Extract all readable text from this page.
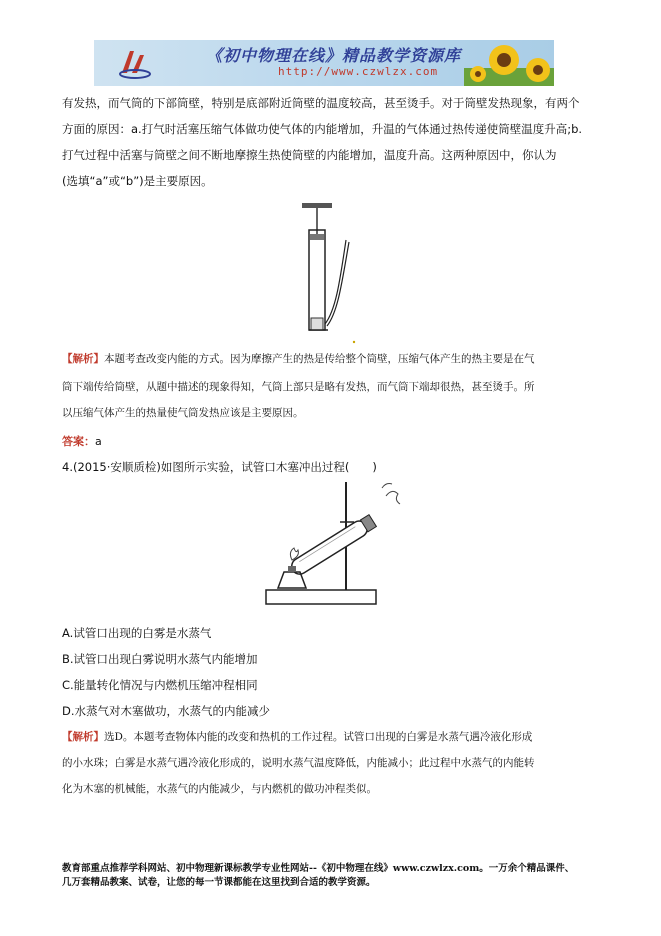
《初中物理在线》精品教学资源库
http://www.czwlzx.com
有发热，而气筒的下部筒壁，特别是底部附近筒壁的温度较高，甚至烫手。对于筒壁发热现象，有两个
方面的原因：a.打气时活塞压缩气体做功使气体的内能增加，升温的气体通过热传递使筒壁温度升高;b.
打气过程中活塞与筒壁之间不断地摩擦生热使筒壁的内能增加，温度升高。这两种原因中，你认为
(选填“a”或“b”)是主要原因。
【解析】本题考查改变内能的方式。因为摩擦产生的热是传给整个筒壁，压缩气体产生的热主要是在气
筒下端传给筒壁，从题中描述的现象得知，气筒上部只是略有发热，而气筒下端却很热，甚至烫手。所
以压缩气体产生的热量使气筒发热应该是主要原因。
答案：a
4.(2015·安顺质检)如图所示实验，试管口木塞冲出过程(　　)
A.试管口出现的白雾是水蒸气
B.试管口出现白雾说明水蒸气内能增加
C.能量转化情况与内燃机压缩冲程相同
D.水蒸气对木塞做功，水蒸气的内能减少
【解析】选D。本题考查物体内能的改变和热机的工作过程。试管口出现的白雾是水蒸气遇冷液化形成
的小水珠；白雾是水蒸气遇冷液化形成的，说明水蒸气温度降低，内能减小；此过程中水蒸气的内能转
化为木塞的机械能，水蒸气的内能减少，与内燃机的做功冲程类似。
教育部重点推荐学科网站、初中物理新课标教学专业性网站--《初中物理在线》www.czwlzx.com。一万余个精品课件、
几万套精品教案、试卷，让您的每一节课都能在这里找到合适的教学资源。
